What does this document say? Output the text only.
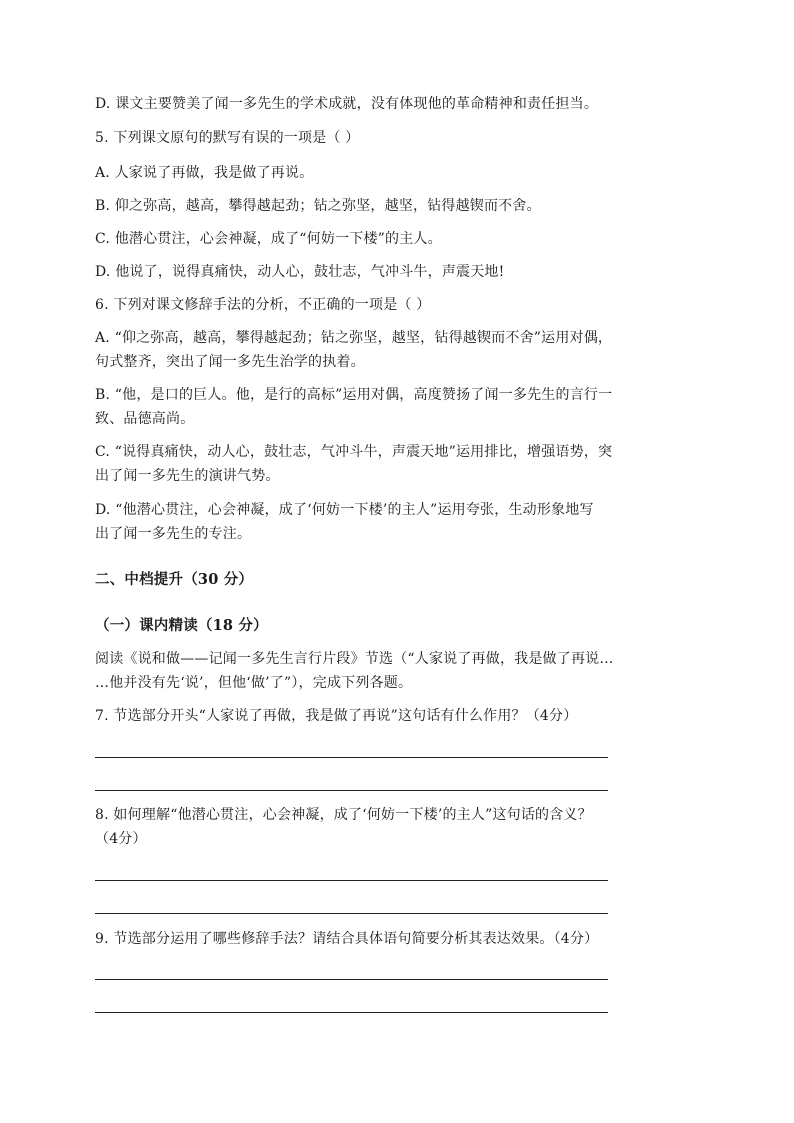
D. 课文主要赞美了闻一多先生的学术成就，没有体现他的革命精神和责任担当。
5. 下列课文原句的默写有误的一项是（ ）
A. 人家说了再做，我是做了再说。
B. 仰之弥高，越高，攀得越起劲；钻之弥坚，越坚，钻得越锲而不舍。
C. 他潜心贯注，心会神凝，成了“何妨一下楼”的主人。
D. 他说了，说得真痛快，动人心，鼓壮志，气冲斗牛，声震天地!
6. 下列对课文修辞手法的分析，不正确的一项是（ ）
A. “仰之弥高，越高，攀得越起劲；钻之弥坚，越坚，钻得越锲而不舍”运用对偶，
句式整齐，突出了闻一多先生治学的执着。
B. “他，是口的巨人。他，是行的高标”运用对偶，高度赞扬了闻一多先生的言行一
致、品德高尚。
C. “说得真痛快，动人心，鼓壮志，气冲斗牛，声震天地”运用排比，增强语势，突
出了闻一多先生的演讲气势。
D. “他潜心贯注，心会神凝，成了‘何妨一下楼’的主人”运用夸张，生动形象地写
出了闻一多先生的专注。
二、中档提升（30 分）
（一）课内精读（18 分）
阅读《说和做——记闻一多先生言行片段》节选（“人家说了再做，我是做了再说…
…他并没有先‘说’，但他‘做’了”），完成下列各题。
7. 节选部分开头“人家说了再做，我是做了再说”这句话有什么作用？（4分）
8. 如何理解“他潜心贯注，心会神凝，成了‘何妨一下楼’的主人”这句话的含义？
（4分）
9. 节选部分运用了哪些修辞手法？请结合具体语句简要分析其表达效果。（4分）
